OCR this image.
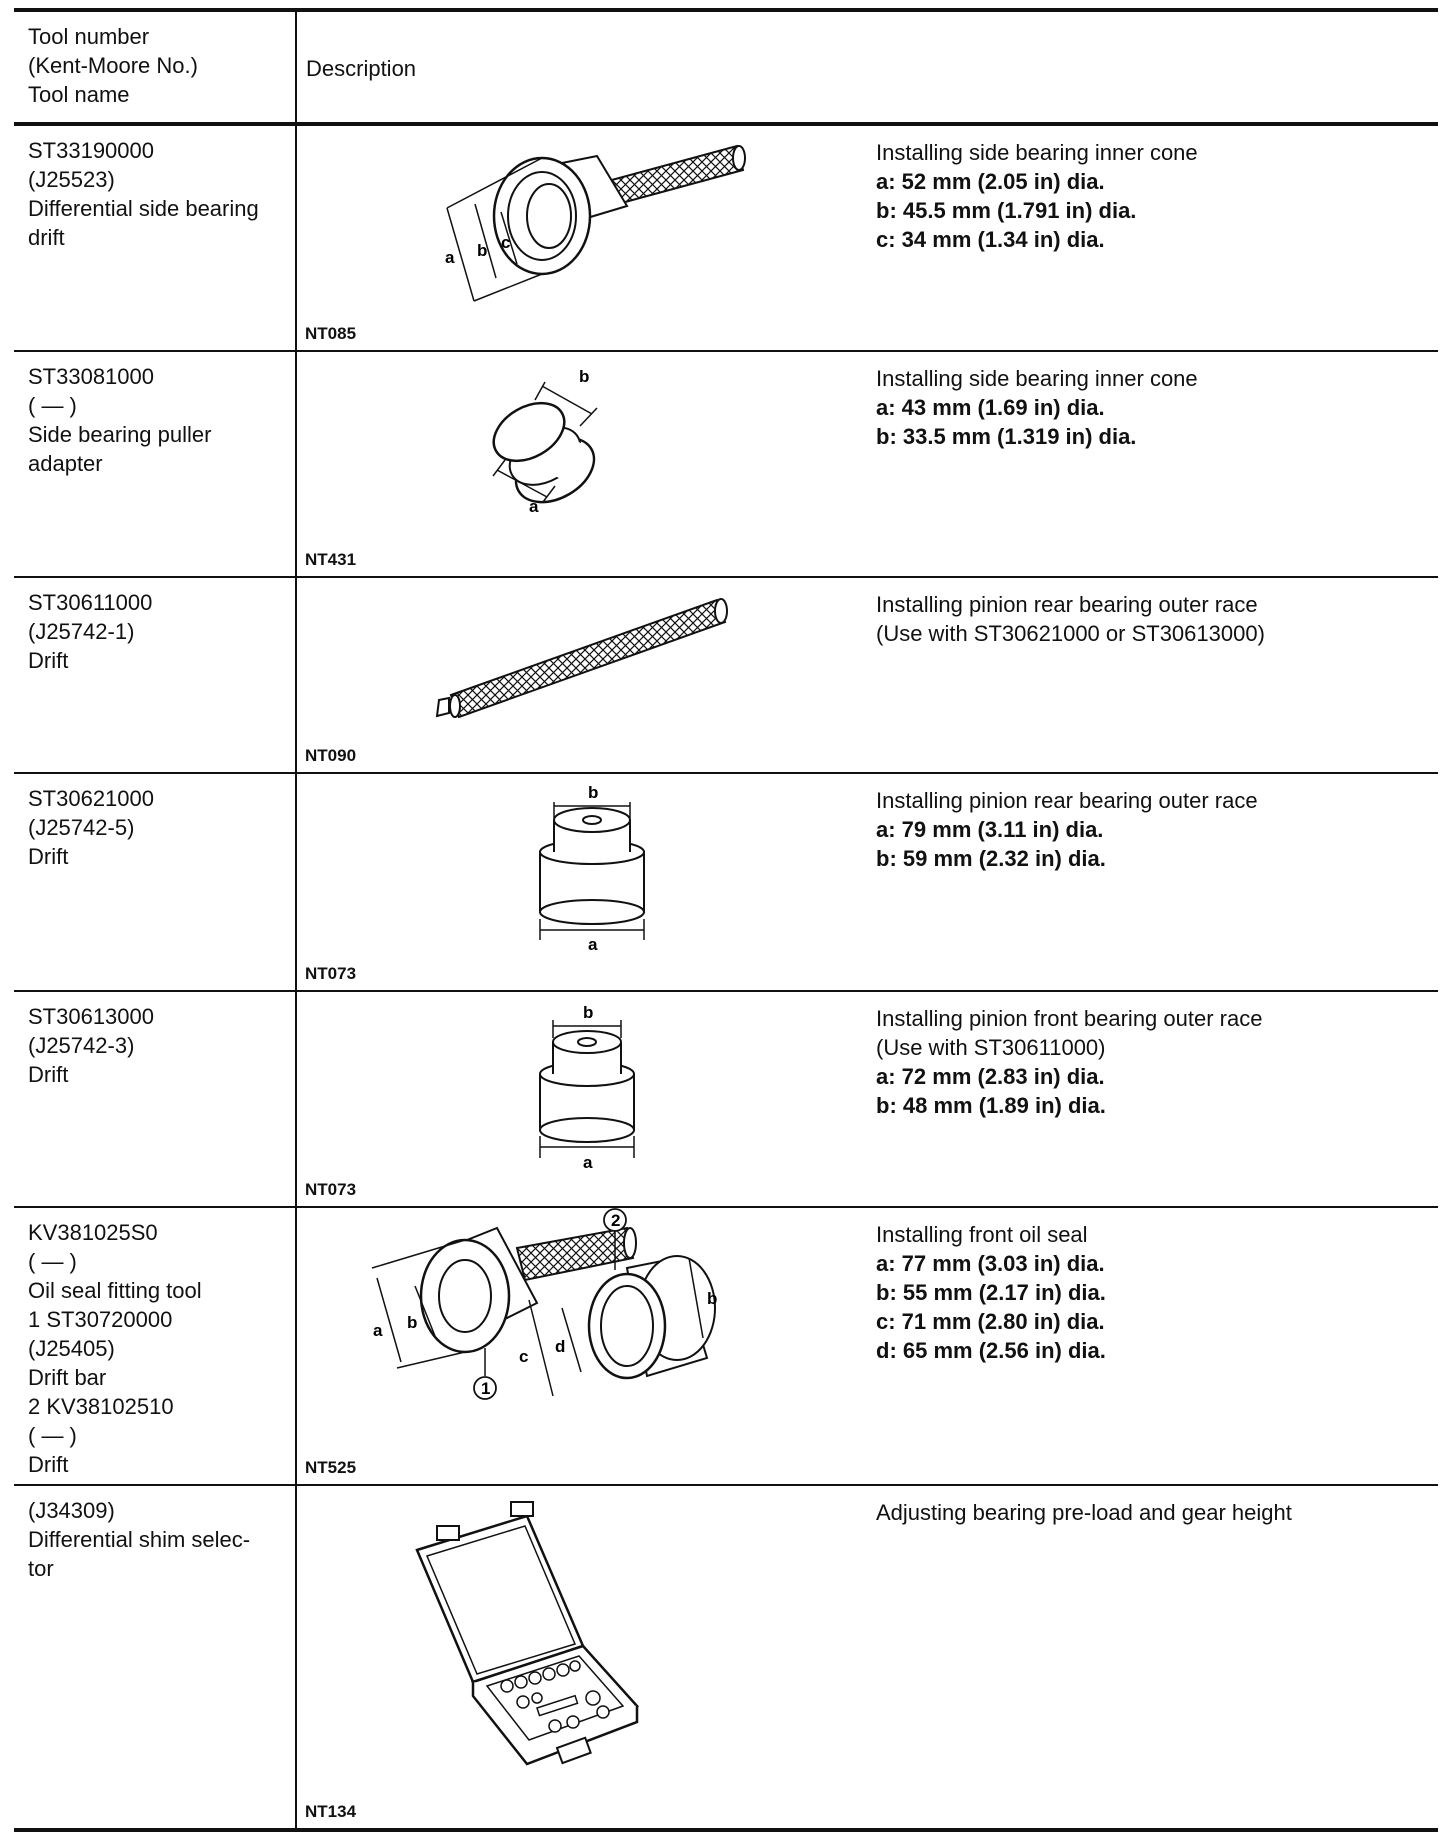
Tool number
(Kent-Moore No.)
Tool name
Description
ST33190000
(J25523)
Differential side bearing
drift
a b c
NT085
Installing side bearing inner cone
a: 52 mm (2.05 in) dia.
b: 45.5 mm (1.791 in) dia.
c: 34 mm (1.34 in) dia.
ST33081000
( — )
Side bearing puller
adapter
a
b
NT431
Installing side bearing inner cone
a: 43 mm (1.69 in) dia.
b: 33.5 mm (1.319 in) dia.
ST30611000
(J25742-1)
Drift
NT090
Installing pinion rear bearing outer race
(Use with ST30621000 or ST30613000)
ST30621000
(J25742-5)
Drift
b
a
NT073
Installing pinion rear bearing outer race
a: 79 mm (3.11 in) dia.
b: 59 mm (2.32 in) dia.
ST30613000
(J25742-3)
Drift
b
a
NT073
Installing pinion front bearing outer race
(Use with ST30611000)
a: 72 mm (2.83 in) dia.
b: 48 mm (1.89 in) dia.
KV381025S0
( — )
Oil seal fitting tool
1 ST30720000
(J25405)
Drift bar
2 KV38102510
( — )
Drift
a b
1
2
c
d
b
NT525
Installing front oil seal
a: 77 mm (3.03 in) dia.
b: 55 mm (2.17 in) dia.
c: 71 mm (2.80 in) dia.
d: 65 mm (2.56 in) dia.
(J34309)
Differential shim selec-
tor
NT134
Adjusting bearing pre-load and gear height
